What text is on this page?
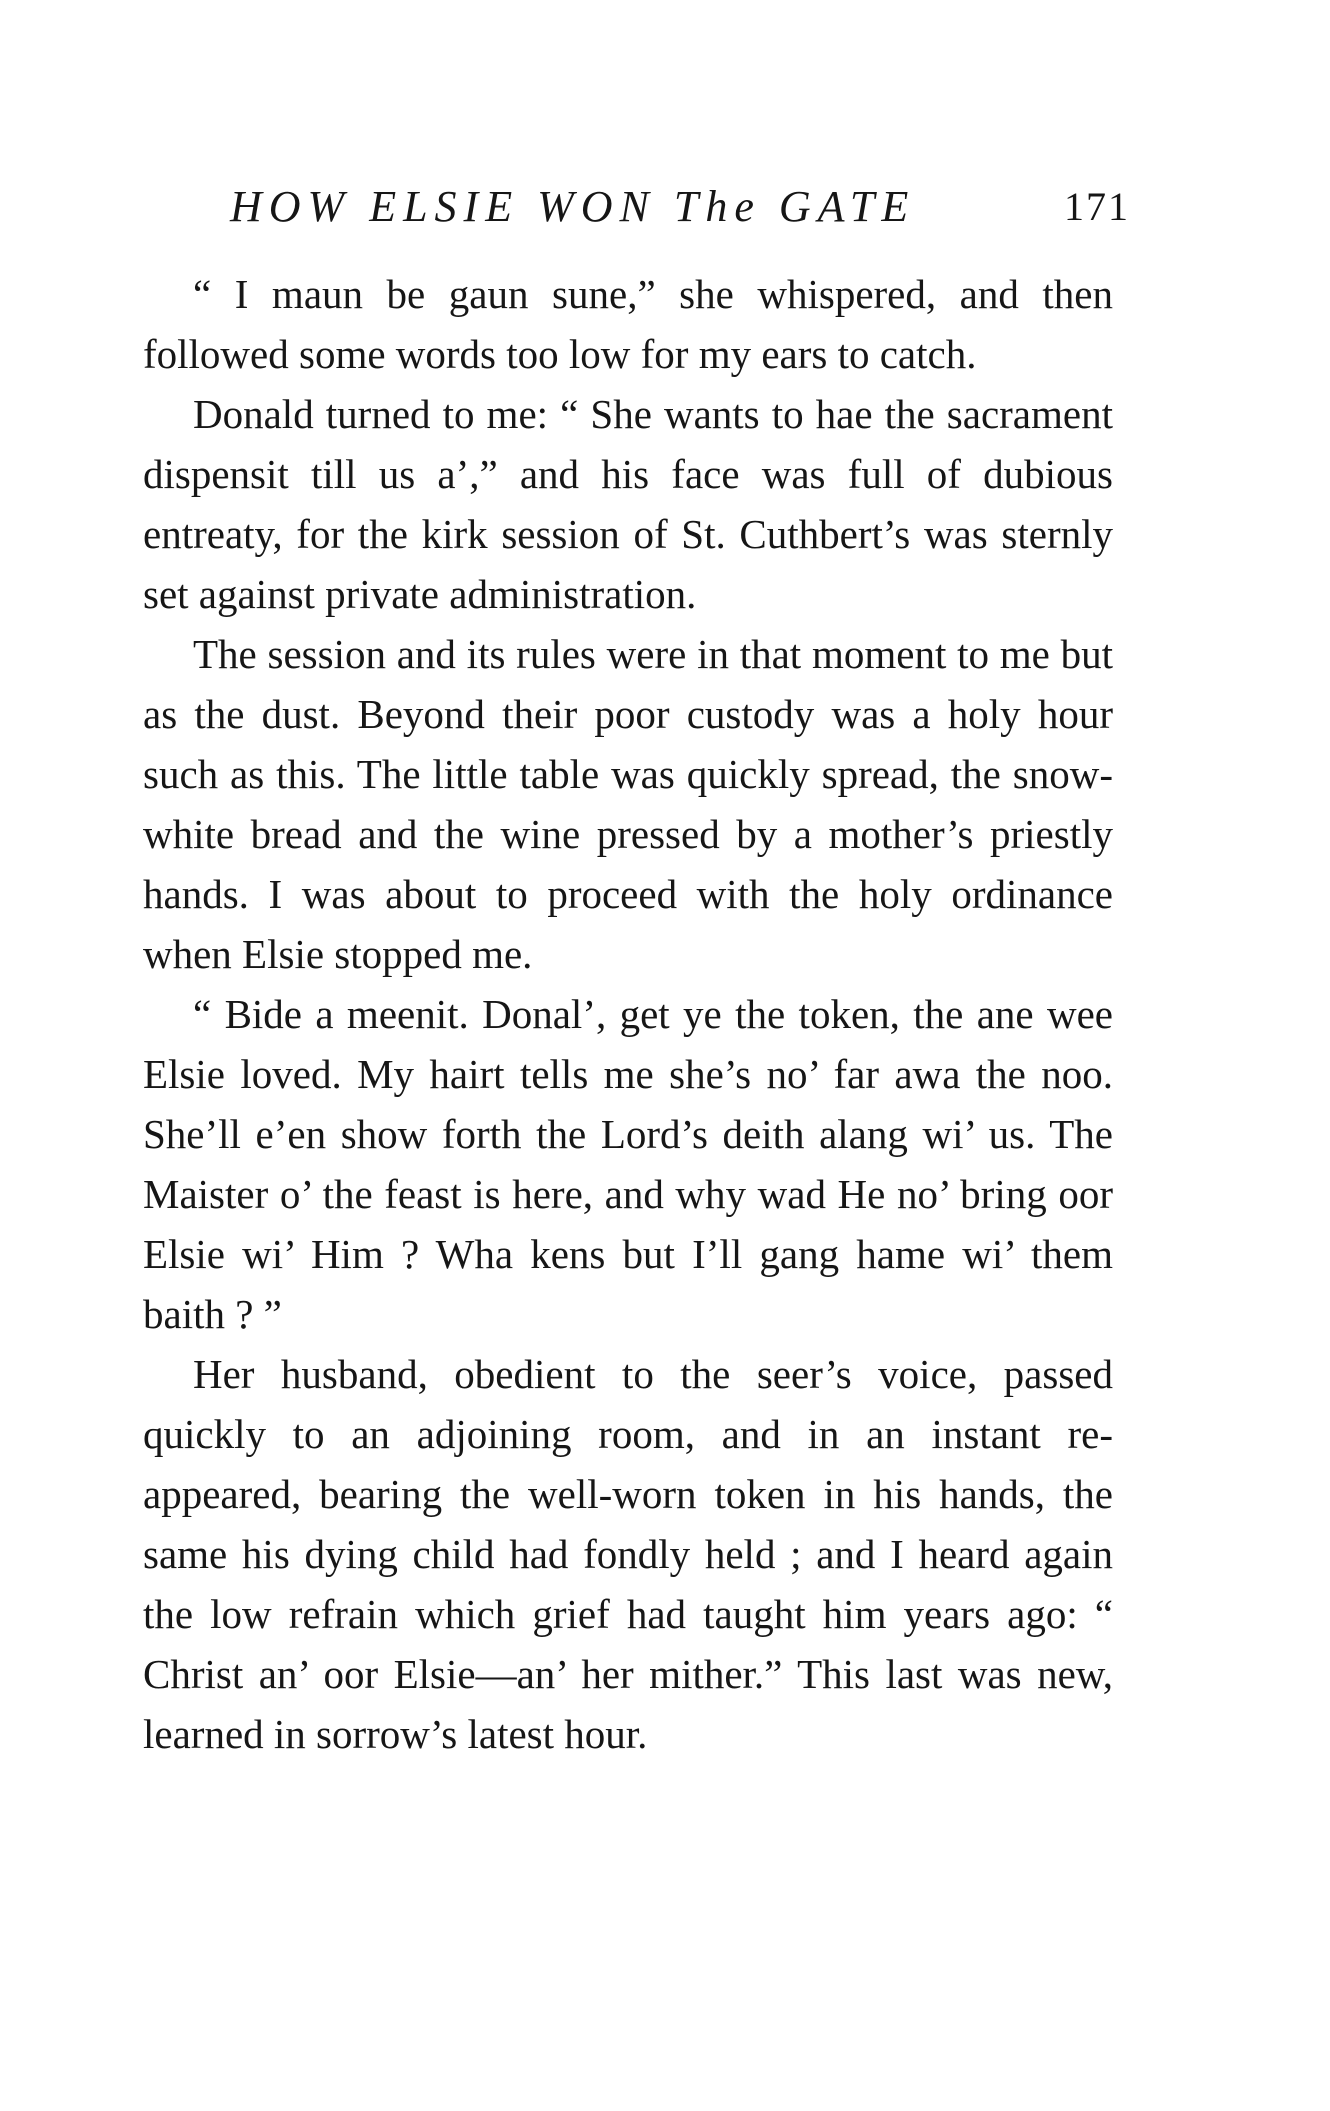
HOW ELSIE WON The GATE	171

“ I maun be gaun sune,” she whispered, and then followed some words too low for my ears to catch.

Donald turned to me: “ She wants to hae the sacrament dispensit till us a’,” and his face was full of dubious entreaty, for the kirk session of St. Cuthbert’s was sternly set against private administration.

The session and its rules were in that moment to me but as the dust. Beyond their poor custody was a holy hour such as this. The little table was quickly spread, the snow-white bread and the wine pressed by a mother’s priestly hands. I was about to proceed with the holy ordinance when Elsie stopped me.

“ Bide a meenit. Donal’, get ye the token, the ane wee Elsie loved. My hairt tells me she’s no’ far awa the noo. She’ll e’en show forth the Lord’s deith alang wi’ us. The Maister o’ the feast is here, and why wad He no’ bring oor Elsie wi’ Him ? Wha kens but I’ll gang hame wi’ them baith ? ”

Her husband, obedient to the seer’s voice, passed quickly to an adjoining room, and in an instant re-appeared, bearing the well-worn token in his hands, the same his dying child had fondly held ; and I heard again the low refrain which grief had taught him years ago: “ Christ an’ oor Elsie—an’ her mither.” This last was new, learned in sorrow’s latest hour.
